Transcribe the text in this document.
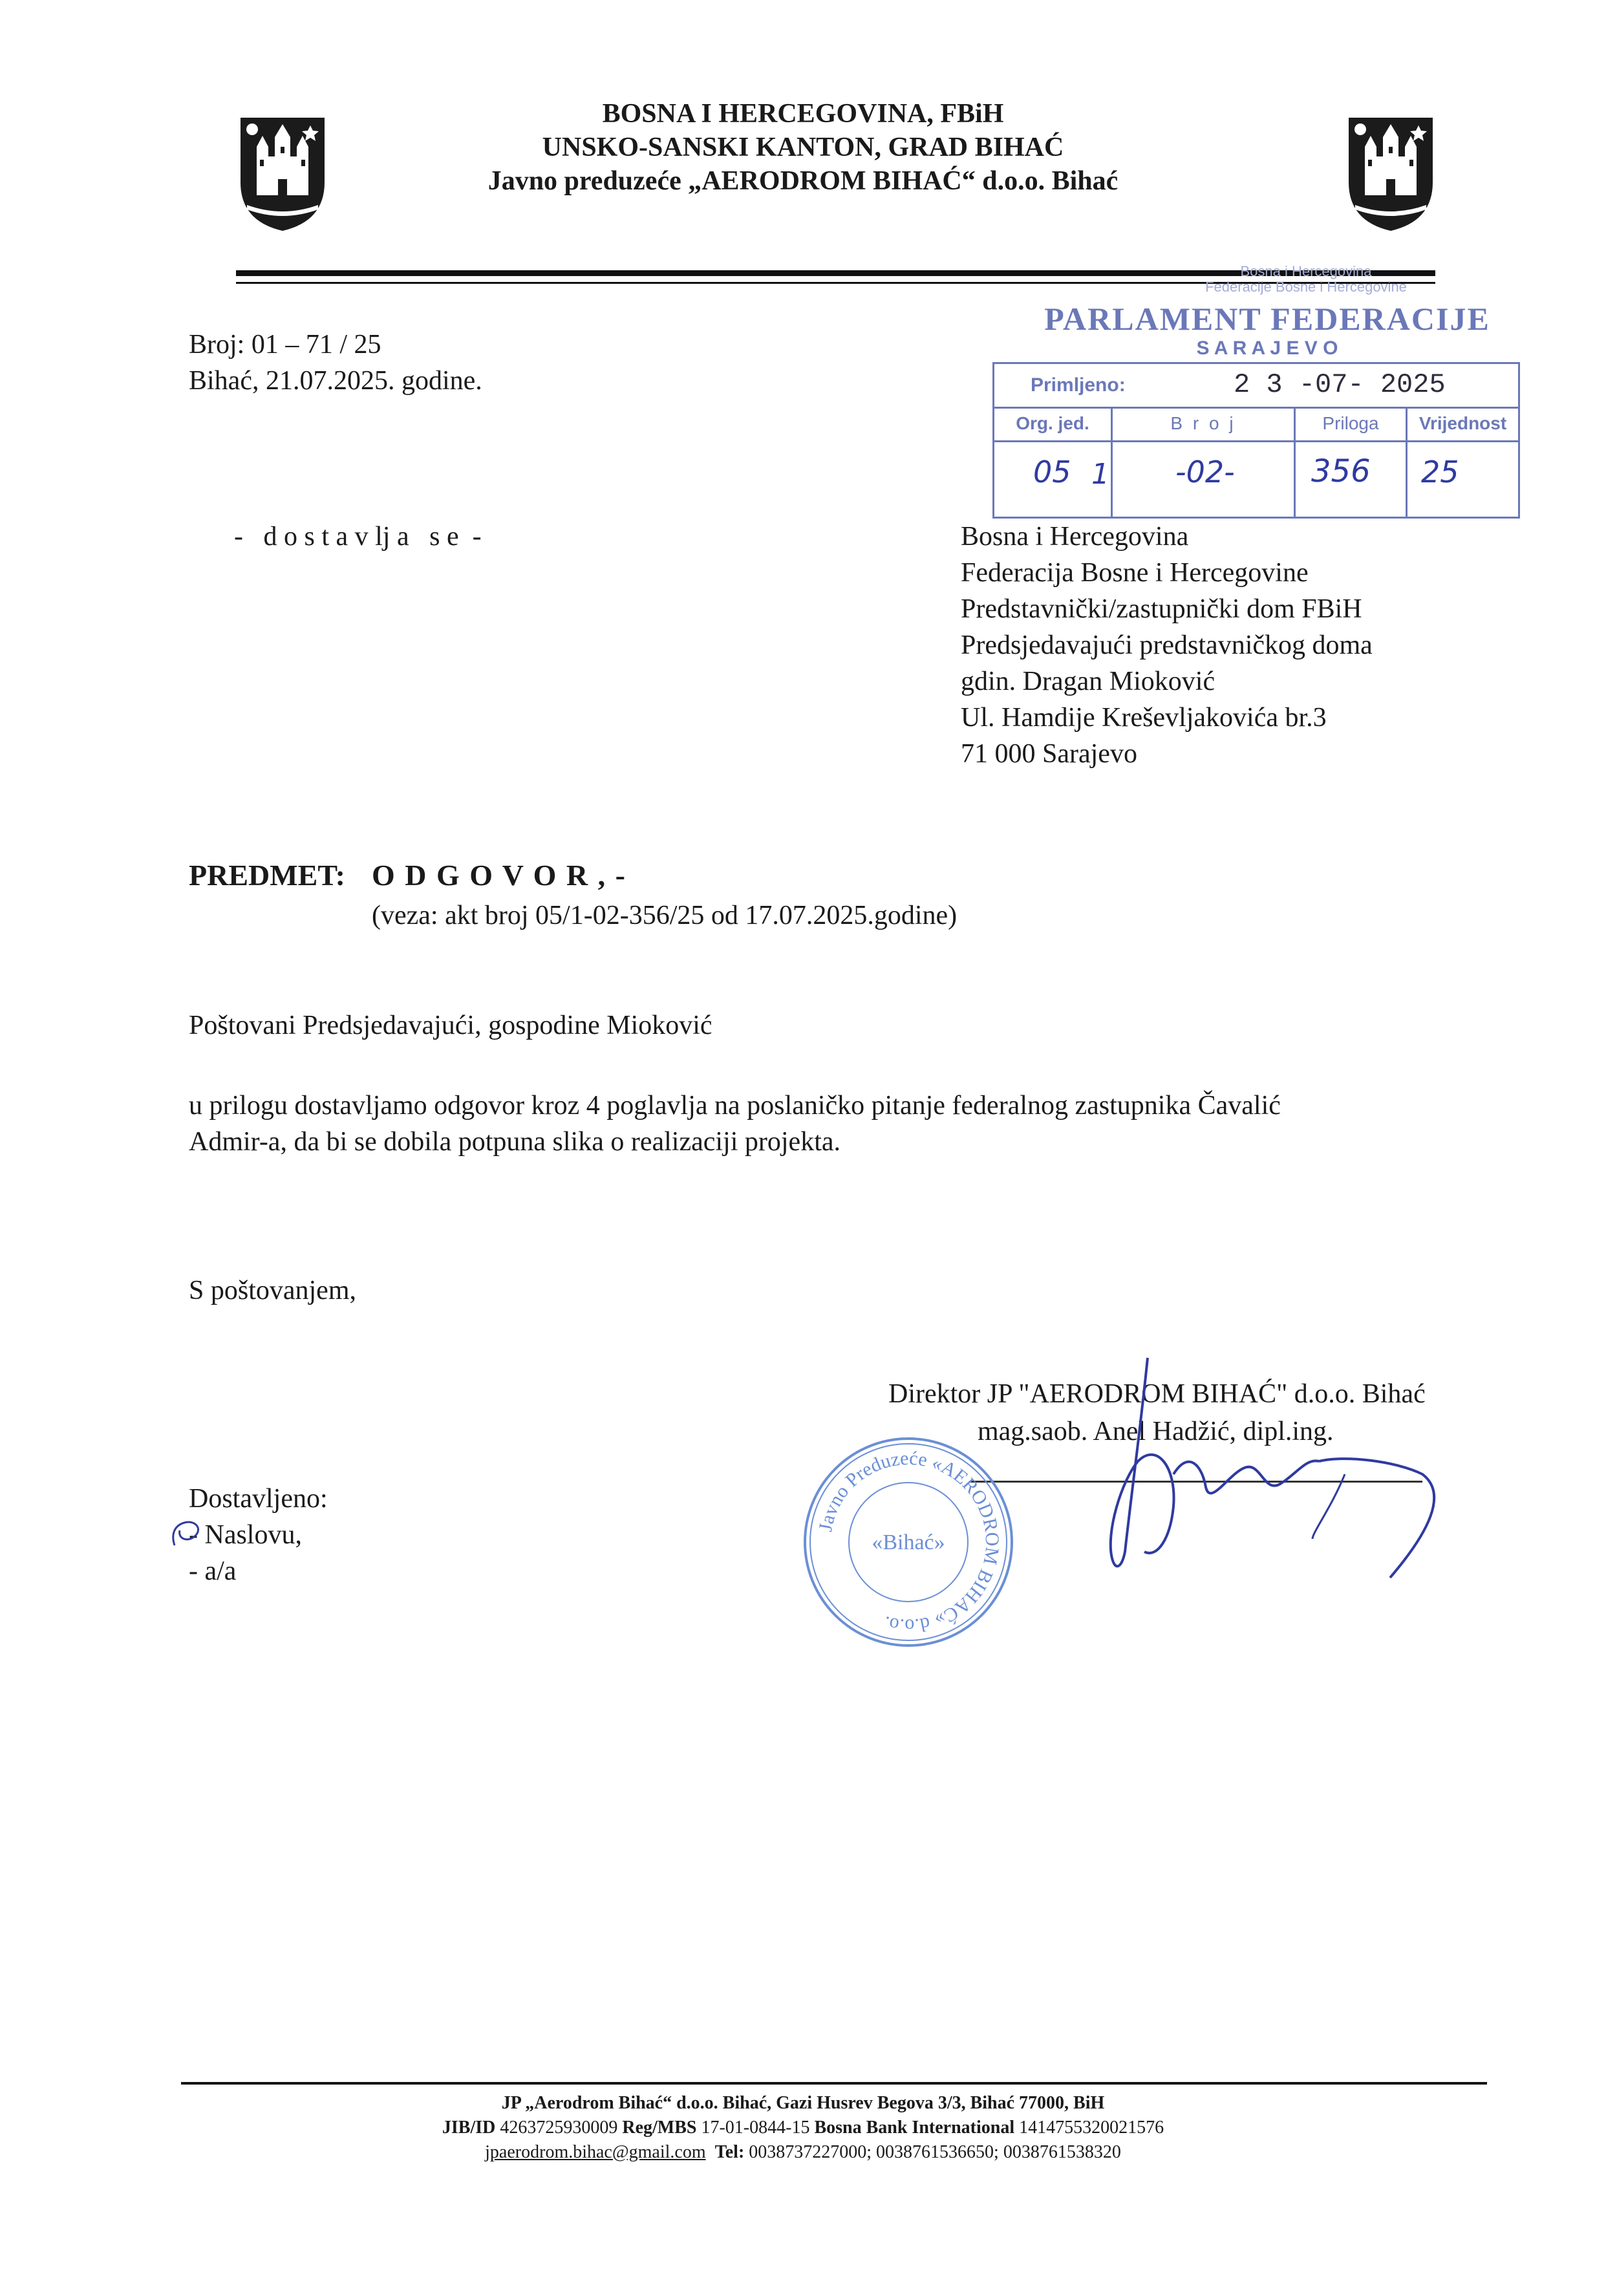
BOSNA I HERCEGOVINA, FBiH
UNSKO-SANSKI KANTON, GRAD BIHAĆ
Javno preduzeće „AERODROM BIHAĆ“ d.o.o. Bihać
Broj: 01 – 71 / 25
Bihać, 21.07.2025. godine.
Bosna i Hercegovina
Federacije Bosne i Hercegovine
PARLAMENT FEDERACIJE
S A R A J E V O
Primljeno:	2 3 -07- 2025
Org. jed.	B r o j	Priloga	Vrijednost
05 1 -02- 356 25
-   d o s t a v lj a   s e  -	Bosna i Hercegovina
Federacija Bosne i Hercegovine
Predstavnički/zastupnički dom FBiH
Predsjedavajući predstavničkog doma
gdin. Dragan Mioković
Ul. Hamdije Kreševljakovića br.3
71 000 Sarajevo
PREDMET: O D G O V O R , -
(veza: akt broj 05/1-02-356/25 od 17.07.2025.godine)
Poštovani Predsjedavajući, gospodine Mioković
u prilogu dostavljamo odgovor kroz 4 poglavlja na poslaničko pitanje federalnog zastupnika Čavalić
Admir-a, da bi se dobila potpuna slika o realizaciji projekta.
S poštovanjem,
Direktor JP "AERODROM BIHAĆ" d.o.o. Bihać
mag.saob. Anel Hadžić, dipl.ing.
Javno Preduzeće «AERODROM BIHAĆ» d.o.o.
«Bihać»
Dostavljeno:
- Naslovu,
- a/a
JP „Aerodrom Bihać“ d.o.o. Bihać, Gazi Husrev Begova 3/3, Bihać 77000, BiH
JIB/ID 4263725930009 Reg/MBS 17-01-0844-15 Bosna Bank International 1414755320021576
jpaerodrom.bihac@gmail.com Tel: 0038737227000; 0038761536650; 0038761538320
